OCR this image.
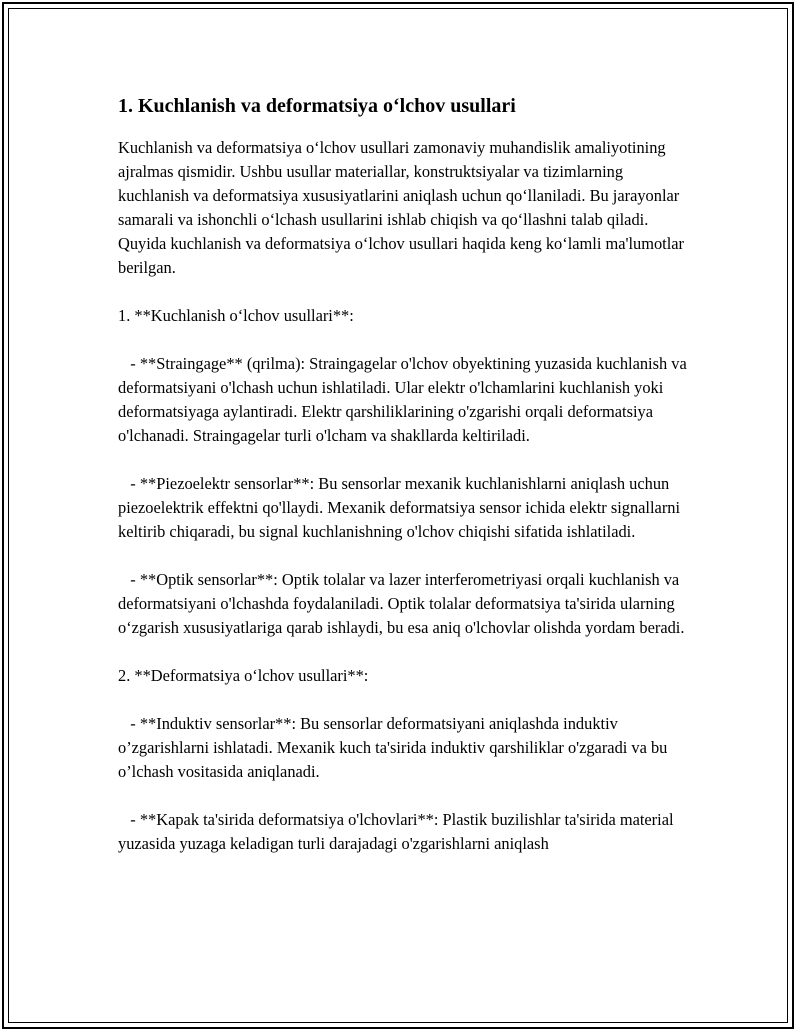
1. Kuchlanish va deformatsiya o‘lchov usullari

Kuchlanish va deformatsiya o‘lchov usullari zamonaviy muhandislik amaliyotining ajralmas qismidir. Ushbu usullar materiallar, konstruktsiyalar va tizimlarning kuchlanish va deformatsiya xususiyatlarini aniqlash uchun qo‘llaniladi. Bu jarayonlar samarali va ishonchli o‘lchash usullarini ishlab chiqish va qo‘llashni talab qiladi. Quyida kuchlanish va deformatsiya o‘lchov usullari haqida keng ko‘lamli ma'lumotlar berilgan.

1. **Kuchlanish o‘lchov usullari**:

- **Straingage** (qrilma): Straingagelar o'lchov obyektining yuzasida kuchlanish va deformatsiyani o'lchash uchun ishlatiladi. Ular elektr o'lchamlarini kuchlanish yoki deformatsiyaga aylantiradi. Elektr qarshiliklarining o'zgarishi orqali deformatsiya o'lchanadi. Straingagelar turli o'lcham va shakllarda keltiriladi.

- **Piezoelektr sensorlar**: Bu sensorlar mexanik kuchlanishlarni aniqlash uchun piezoelektrik effektni qo'llaydi. Mexanik deformatsiya sensor ichida elektr signallarni keltirib chiqaradi, bu signal kuchlanishning o'lchov chiqishi sifatida ishlatiladi.

- **Optik sensorlar**: Optik tolalar va lazer interferometriyasi orqali kuchlanish va deformatsiyani o'lchashda foydalaniladi. Optik tolalar deformatsiya ta'sirida ularning o‘zgarish xususiyatlariga qarab ishlaydi, bu esa aniq o'lchovlar olishda yordam beradi.

2. **Deformatsiya o‘lchov usullari**:

- **Induktiv sensorlar**: Bu sensorlar deformatsiyani aniqlashda induktiv o’zgarishlarni ishlatadi. Mexanik kuch ta'sirida induktiv qarshiliklar o'zgaradi va bu o’lchash vositasida aniqlanadi.

- **Kapak ta'sirida deformatsiya o'lchovlari**: Plastik buzilishlar ta'sirida material yuzasida yuzaga keladigan turli darajadagi o'zgarishlarni aniqlash
